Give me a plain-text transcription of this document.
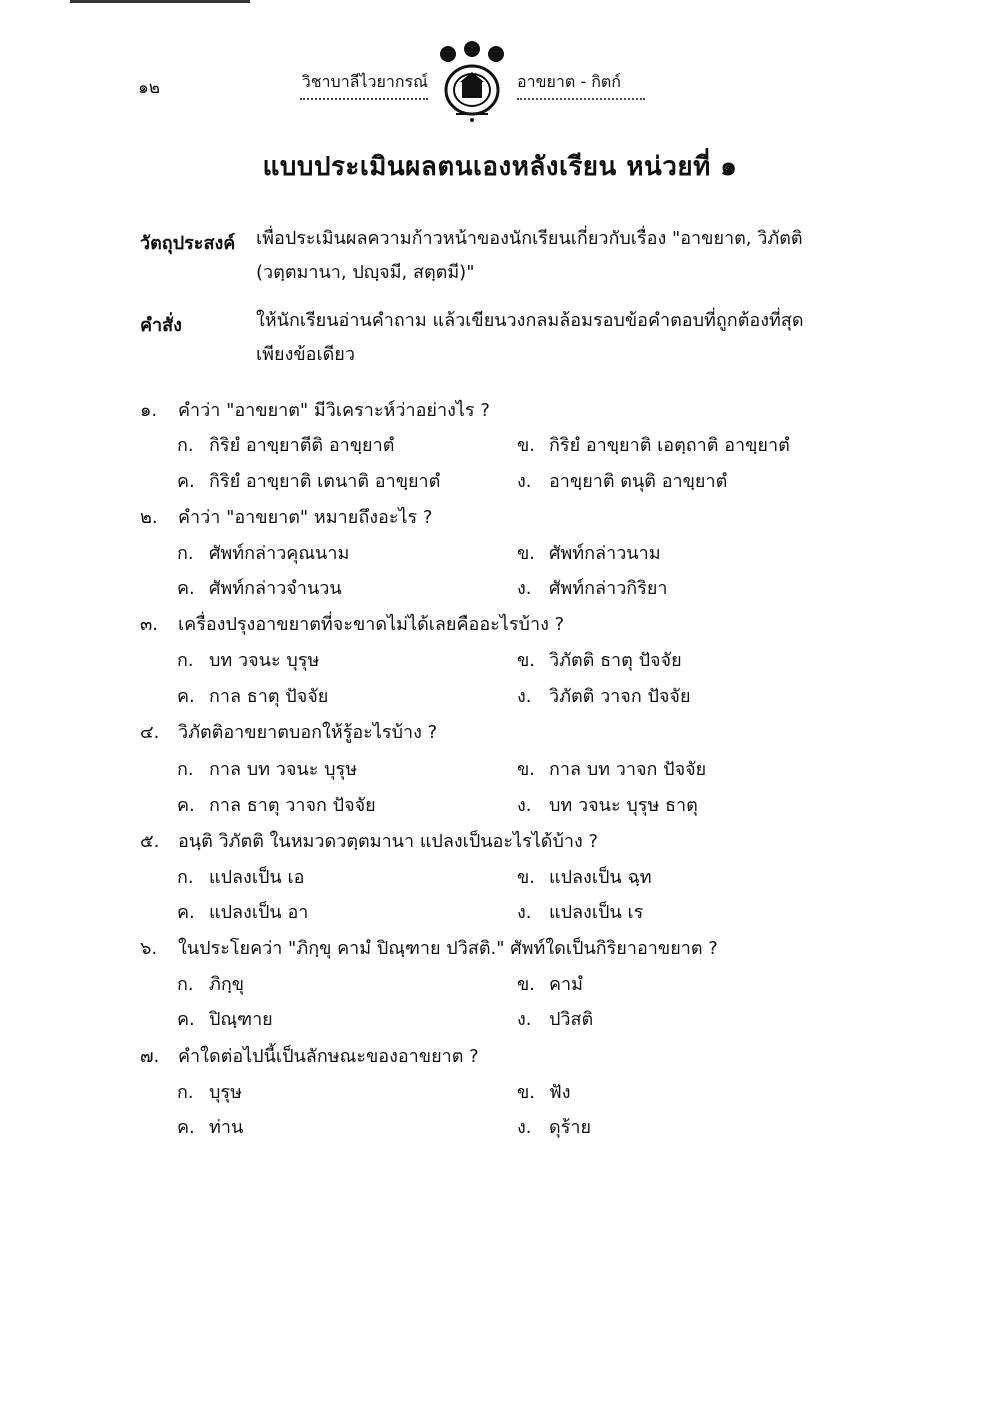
๑๒	วิชาบาลีไวยากรณ์	อาขยาต - กิตก์
แบบประเมินผลตนเองหลังเรียน หน่วยที่ ๑
วัตถุประสงค์ เพื่อประเมินผลความก้าวหน้าของนักเรียนเกี่ยวกับเรื่อง "อาขยาต, วิภัตติ (วตฺตมานา, ปญฺจมี, สตฺตมี)"
คำสั่ง	ให้นักเรียนอ่านคำถาม แล้วเขียนวงกลมล้อมรอบข้อคำตอบที่ถูกต้องที่สุดเพียงข้อเดียว
๑. คำว่า "อาขยาต" มีวิเคราะห์ว่าอย่างไร ?
ก. กิริยํ อาขฺยาตีติ อาขฺยาตํ	ข. กิริยํ อาขฺยาติ เอตฺถาติ อาขฺยาตํ
ค. กิริยํ อาขฺยาติ เตนาติ อาขฺยาตํ	ง. อาขฺยาติ ตนุติ อาขฺยาตํ
๒. คำว่า "อาขยาต" หมายถึงอะไร ?
ก. ศัพท์กล่าวคุณนาม	ข. ศัพท์กล่าวนาม
ค. ศัพท์กล่าวจำนวน	ง. ศัพท์กล่าวกิริยา
๓. เครื่องปรุงอาขยาตที่จะขาดไม่ได้เลยคืออะไรบ้าง ?
ก. บท วจนะ บุรุษ	ข. วิภัตติ ธาตุ ปัจจัย
ค. กาล ธาตุ ปัจจัย	ง. วิภัตติ วาจก ปัจจัย
๔. วิภัตติอาขยาตบอกให้รู้อะไรบ้าง ?
ก. กาล บท วจนะ บุรุษ	ข. กาล บท วาจก ปัจจัย
ค. กาล ธาตุ วาจก ปัจจัย	ง. บท วจนะ บุรุษ ธาตุ
๕. อนฺติ วิภัตติ ในหมวดวตฺตมานา แปลงเป็นอะไรได้บ้าง ?
ก. แปลงเป็น เอ	ข. แปลงเป็น ฉฺท
ค. แปลงเป็น อา	ง. แปลงเป็น เร
๖. ในประโยคว่า "ภิกฺขุ คามํ ปิณฺฑาย ปวิสติ." ศัพท์ใดเป็นกิริยาอาขยาต ?
ก. ภิกฺขุ	ข. คามํ
ค. ปิณฺฑาย	ง. ปวิสติ
๗. คำใดต่อไปนี้เป็นลักษณะของอาขยาต ?
ก. บุรุษ	ข. ฟัง
ค. ท่าน	ง. ดุร้าย
